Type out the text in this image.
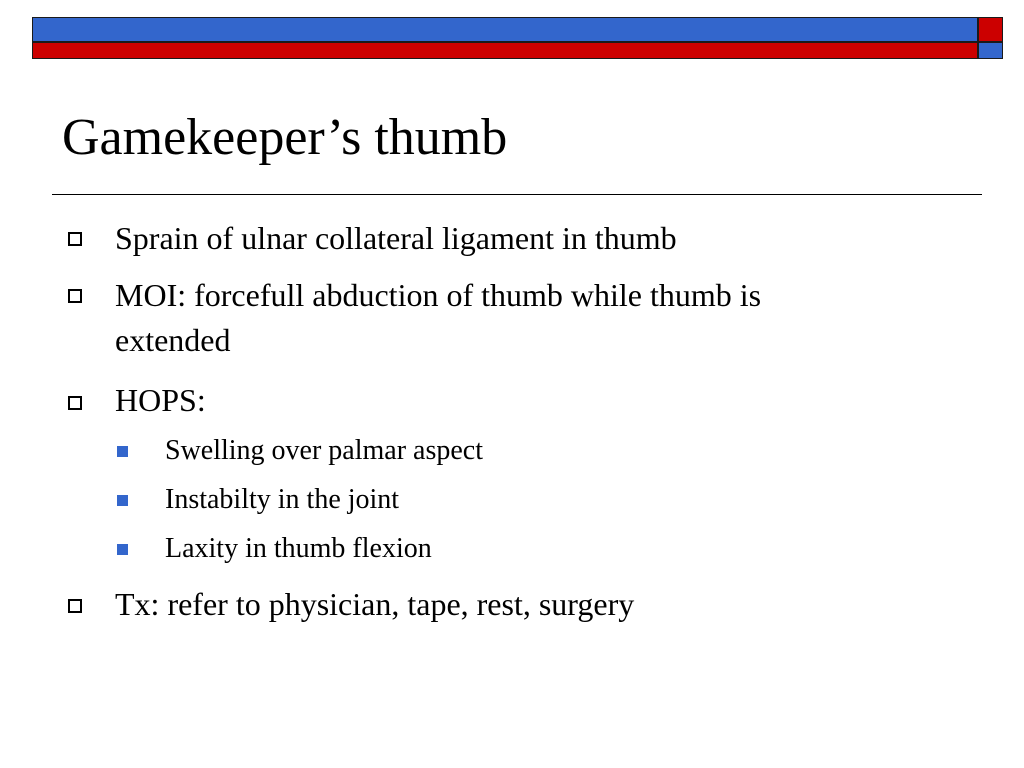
Gamekeeper’s thumb
Sprain of ulnar collateral ligament in thumb
MOI: forcefull abduction of thumb while thumb is
extended
HOPS:
Swelling over palmar aspect
Instabilty in the joint
Laxity in thumb flexion
Tx: refer to physician, tape, rest, surgery
